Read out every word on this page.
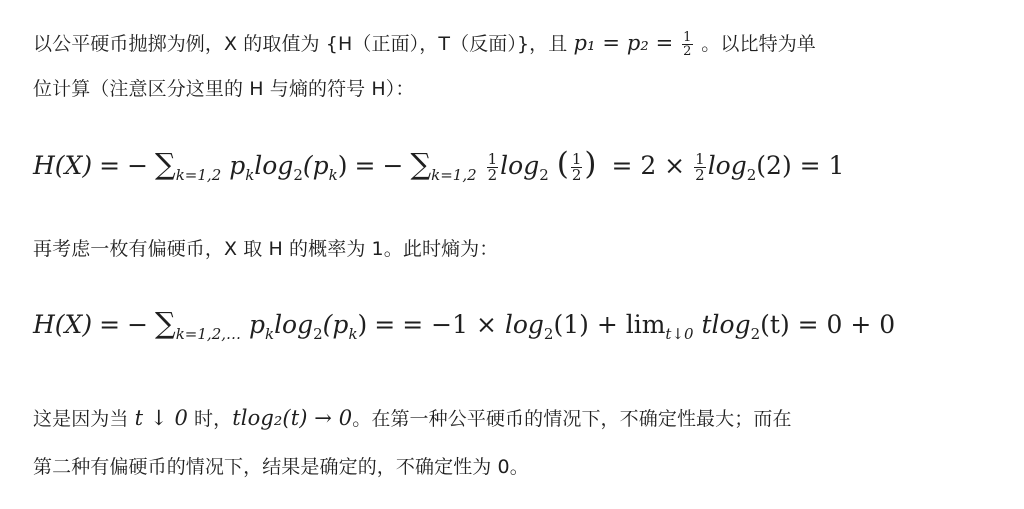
以公平硬币抛掷为例，X 的取值为 {H（正面），T（反面）}，且 $p_1 = p_2 = \frac{1}{2}$ 。以比特为单
位计算（注意区分这里的 H 与熵的符号 H）：
H(X) = − $\sum_{k=1,2}$ $p_k\log_2(p_k)$ = − $\sum_{k=1,2} \frac{1}{2} \log_2$ ( $\frac{1}{2}$ ) = $2 \times \frac{1}{2} \log_2(2) = 1$
再考虑一枚有偏硬币，X 取 H 的概率为 1。此时熵为：
H(X) = − $\sum_{k=1,2,\dots}$ $p_k\log_2(p_k)$ = = $-1 \times \log_2(1) + \lim_{t↓0} tlog_2(t) = 0 + 0$
这是因为当 t ↓ 0 时，tlog₂(t) → 0。在第一种公平硬币的情况下，不确定性最大；而在
第二种有偏硬币的情况下，结果是确定的，不确定性为 0。
